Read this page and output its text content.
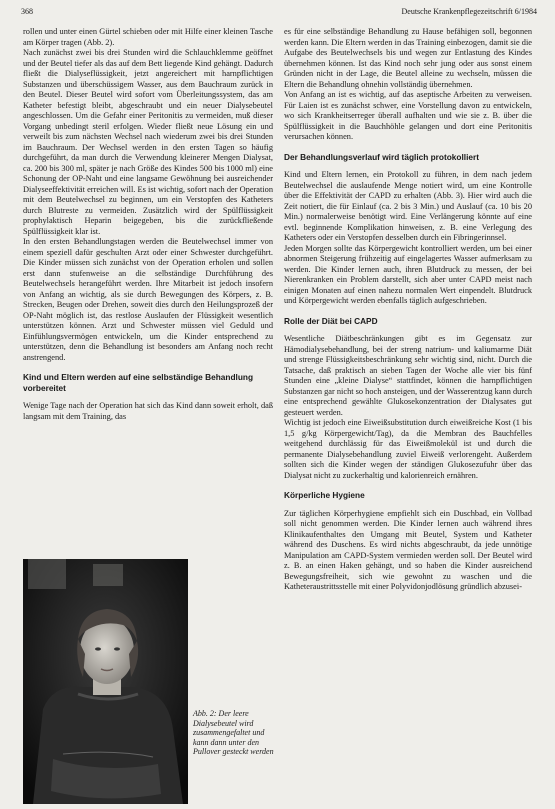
368	Deutsche Krankenpflegezeitschrift 6/1984

rollen und unter einen Gürtel schieben oder mit Hilfe einer kleinen Tasche am Körper tragen (Abb. 2).

Nach zunächst zwei bis drei Stunden wird die Schlauchklemme geöffnet und der Beutel tiefer als das auf dem Bett liegende Kind gehängt. Dadurch fließt die Dialyseflüssigkeit, jetzt angereichert mit harnpflichtigen Substanzen und überschüssigem Wasser, aus dem Bauchraum zurück in den Beutel. Dieser Beutel wird sofort vom Überleitungssystem, das am Katheter befestigt bleibt, abgeschraubt und ein neuer Dialysebeutel angeschlossen. Um die Gefahr einer Peritonitis zu vermeiden, muß dieser Vorgang unbedingt steril erfolgen. Wieder fließt neue Lösung ein und verweilt bis zum nächsten Wechsel nach wiederum zwei bis drei Stunden im Bauchraum. Der Wechsel werden in den ersten Tagen so häufig durchgeführt, da man durch die Verwendung kleinerer Mengen Dialysat, ca. 200 bis 300 ml, später je nach Größe des Kindes 500 bis 1000 ml) eine Schonung der OP-Naht und eine langsame Gewöhnung bei ausreichender Dialyseeffektivität erreichen will. Es ist wichtig, sofort nach der Operation mit dem Beutelwechsel zu beginnen, um ein Verstopfen des Katheters durch Blutreste zu vermeiden. Zusätzlich wird der Spülflüssigkeit prophylaktisch Heparin beigegeben, bis die zurückfließende Spülflüssigkeit klar ist.

In den ersten Behandlungstagen werden die Beutelwechsel immer von einem speziell dafür geschulten Arzt oder einer Schwester durchgeführt. Die Kinder müssen sich zunächst von der Operation erholen und sollen erst dann stufenweise an die selbständige Durchführung des Beutelwechsels herangeführt werden. Ihre Mitarbeit ist jedoch insofern von Anfang an wichtig, als sie durch Bewegungen des Körpers, z. B. Strecken, Beugen oder Drehen, soweit dies durch den Heilungsprozeß der OP-Naht möglich ist, das restlose Auslaufen der Flüssigkeit wesentlich unterstützen können. Arzt und Schwester müssen viel Geduld und Einfühlungsvermögen entwickeln, um die Kinder entsprechend zu unterstützen, denn die Behandlung ist besonders am Anfang noch recht anstrengend.

Kind und Eltern werden auf eine selbständige Behandlung vorbereitet

Wenige Tage nach der Operation hat sich das Kind dann soweit erholt, daß langsam mit dem Training, das

Abb. 2: Der leere Dialysebeutel wird zusammengefaltet und kann dann unter den Pullover gesteckt werden

es für eine selbständige Behandlung zu Hause befähigen soll, begonnen werden kann. Die Eltern werden in das Training einbezogen, damit sie die Aufgabe des Beutelwechsels bis und wegen zur Entlastung des Kindes übernehmen können. Ist das Kind noch sehr jung oder aus sonst einem Gründen nicht in der Lage, die Beutel alleine zu wechseln, müssen die Eltern die Behandlung ohnehin vollständig übernehmen.

Von Anfang an ist es wichtig, auf das aseptische Arbeiten zu verweisen. Für Laien ist es zunächst schwer, eine Vorstellung davon zu entwickeln, wo sich Krankheitserreger überall aufhalten und wie sie z. B. über die Spülflüssigkeit in die Bauchhöhle gelangen und dort eine Peritonitis verursachen können.

Der Behandlungsverlauf wird täglich protokolliert

Kind und Eltern lernen, ein Protokoll zu führen, in dem nach jedem Beutelwechsel die auslaufende Menge notiert wird, um eine Kontrolle über die Effektivität der CAPD zu erhalten (Abb. 3). Hier wird auch die Zeit notiert, die für Einlauf (ca. 2 bis 3 Min.) und Auslauf (ca. 10 bis 20 Min.) normalerweise benötigt wird. Eine Verlängerung könnte auf eine evtl. beginnende Komplikation hinweisen, z. B. eine Verlegung des Katheters oder ein Verstopfen desselben durch ein Fibringerinnsel.

Jeden Morgen sollte das Körpergewicht kontrolliert werden, um bei einer abnormen Steigerung frühzeitig auf eingelagertes Wasser aufmerksam zu werden. Die Kinder lernen auch, ihren Blutdruck zu messen, der bei Nierenkranken ein Problem darstellt, sich aber unter CAPD meist nach einigen Monaten auf einen nahezu normalen Wert einpendelt. Blutdruck und Körpergewicht werden ebenfalls täglich aufgeschrieben.

Rolle der Diät bei CAPD

Wesentliche Diätbeschränkungen gibt es im Gegensatz zur Hämodialysebehandlung, bei der streng natrium- und kaliumarme Diät und strenge Flüssigkeitsbeschränkung sehr wichtig sind, nicht. Durch die Tatsache, daß praktisch an sieben Tagen der Woche alle vier bis fünf Stunden eine „kleine Dialyse“ stattfindet, können die harnpflichtigen Substanzen gar nicht so hoch ansteigen, und der Wasserentzug kann durch eine entsprechend gewählte Glukosekonzentration der Dialysates gut gesteuert werden.

Wichtig ist jedoch eine Eiweißsubstitution durch eiweißreiche Kost (1 bis 1,5 g/kg Körpergewicht/Tag), da die Membran des Bauchfelles weitgehend durchlässig für das Eiweißmolekül ist und durch die permanente Dialysebehandlung zuviel Eiweiß verlorengeht. Außerdem sollten sich die Kinder wegen der ständigen Glukosezufuhr über das Dialysat nicht zu zuckerhaltig und kalorienreich ernähren.

Körperliche Hygiene

Zur täglichen Körperhygiene empfiehlt sich ein Duschbad, ein Vollbad soll nicht genommen werden. Die Kinder lernen auch während ihres Klinikaufenthaltes den Umgang mit Beutel, System und Katheter während des Duschens. Es wird nichts abgeschraubt, da jede unnötige Manipulation am CAPD-System vermieden werden soll. Der Beutel wird z. B. an einen Haken gehängt, und so haben die Kinder ausreichend Bewegungsfreiheit, sich wie gewohnt zu waschen und die Katheteraustrittsstelle mit einer Polyvidonjodlösung gründlich abzusei-
